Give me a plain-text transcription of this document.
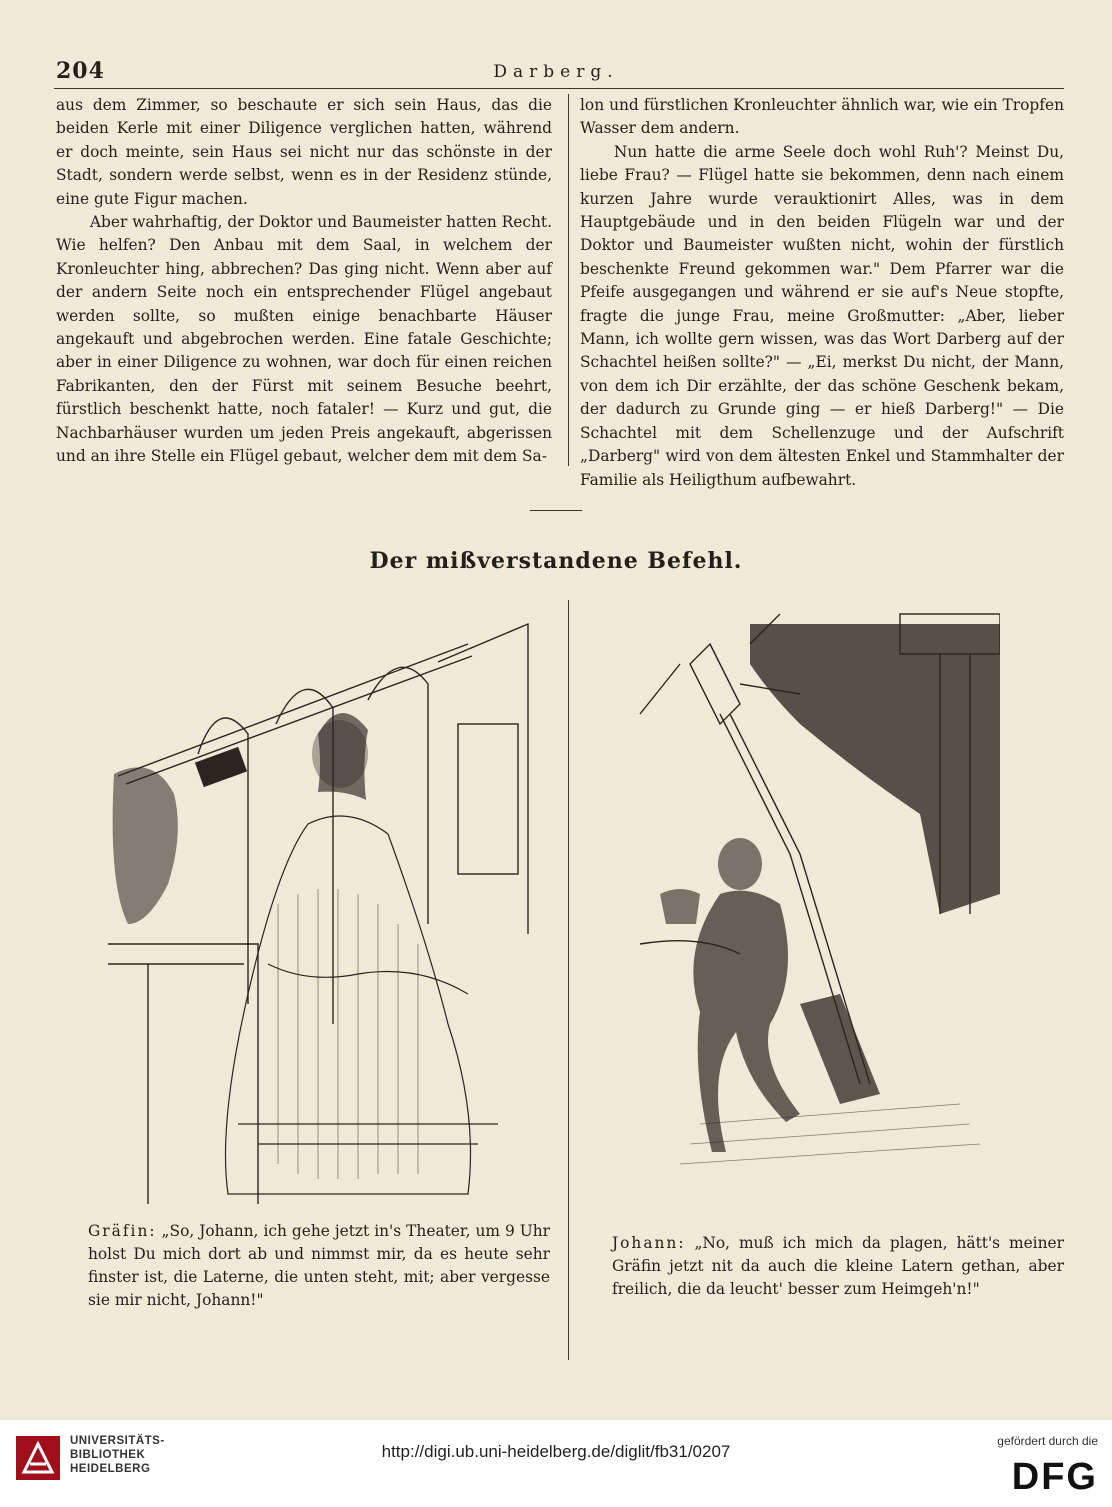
204	Darberg.

aus dem Zimmer, so beschaute er sich sein Haus, das die beiden Kerle mit einer Diligence verglichen hatten, während er doch meinte, sein Haus sei nicht nur das schönste in der Stadt, sondern werde selbst, wenn es in der Residenz stünde, eine gute Figur machen.

Aber wahrhaftig, der Doktor und Baumeister hatten Recht. Wie helfen? Den Anbau mit dem Saal, in welchem der Kronleuchter hing, abbrechen? Das ging nicht. Wenn aber auf der andern Seite noch ein entsprechender Flügel angebaut werden sollte, so mußten einige benachbarte Häuser angekauft und abgebrochen werden. Eine fatale Geschichte; aber in einer Diligence zu wohnen, war doch für einen reichen Fabrikanten, den der Fürst mit seinem Besuche beehrt, fürstlich beschenkt hatte, noch fataler! — Kurz und gut, die Nachbarhäuser wurden um jeden Preis angekauft, abgerissen und an ihre Stelle ein Flügel gebaut, welcher dem mit dem Sa-

lon und fürstlichen Kronleuchter ähnlich war, wie ein Tropfen Wasser dem andern.

Nun hatte die arme Seele doch wohl Ruh'? Meinst Du, liebe Frau? — Flügel hatte sie bekommen, denn nach einem kurzen Jahre wurde verauktionirt Alles, was in dem Hauptgebäude und in den beiden Flügeln war und der Doktor und Baumeister wußten nicht, wohin der fürstlich beschenkte Freund gekommen war." Dem Pfarrer war die Pfeife ausgegangen und während er sie auf's Neue stopfte, fragte die junge Frau, meine Großmutter: „Aber, lieber Mann, ich wollte gern wissen, was das Wort Darberg auf der Schachtel heißen sollte?" — „Ei, merkst Du nicht, der Mann, von dem ich Dir erzählte, der das schöne Geschenk bekam, der dadurch zu Grunde ging — er hieß Darberg!" — Die Schachtel mit dem Schellenzuge und der Aufschrift „Darberg" wird von dem ältesten Enkel und Stammhalter der Familie als Heiligthum aufbewahrt.

Der mißverstandene Befehl.
Gräfin: „So, Johann, ich gehe jetzt in's Theater, um 9 Uhr holst Du mich dort ab und nimmst mir, da es heute sehr finster ist, die Laterne, die unten steht, mit; aber vergesse sie mir nicht, Johann!"
Johann: „No, muß ich mich da plagen, hätt's meiner Gräfin jetzt nit da auch die kleine Latern gethan, aber freilich, die da leucht' besser zum Heimgeh'n!"
UNIVERSITÄTS-
BIBLIOTHEK
HEIDELBERG
http://digi.ub.uni-heidelberg.de/diglit/fb31/0207
gefördert durch die
DFG
